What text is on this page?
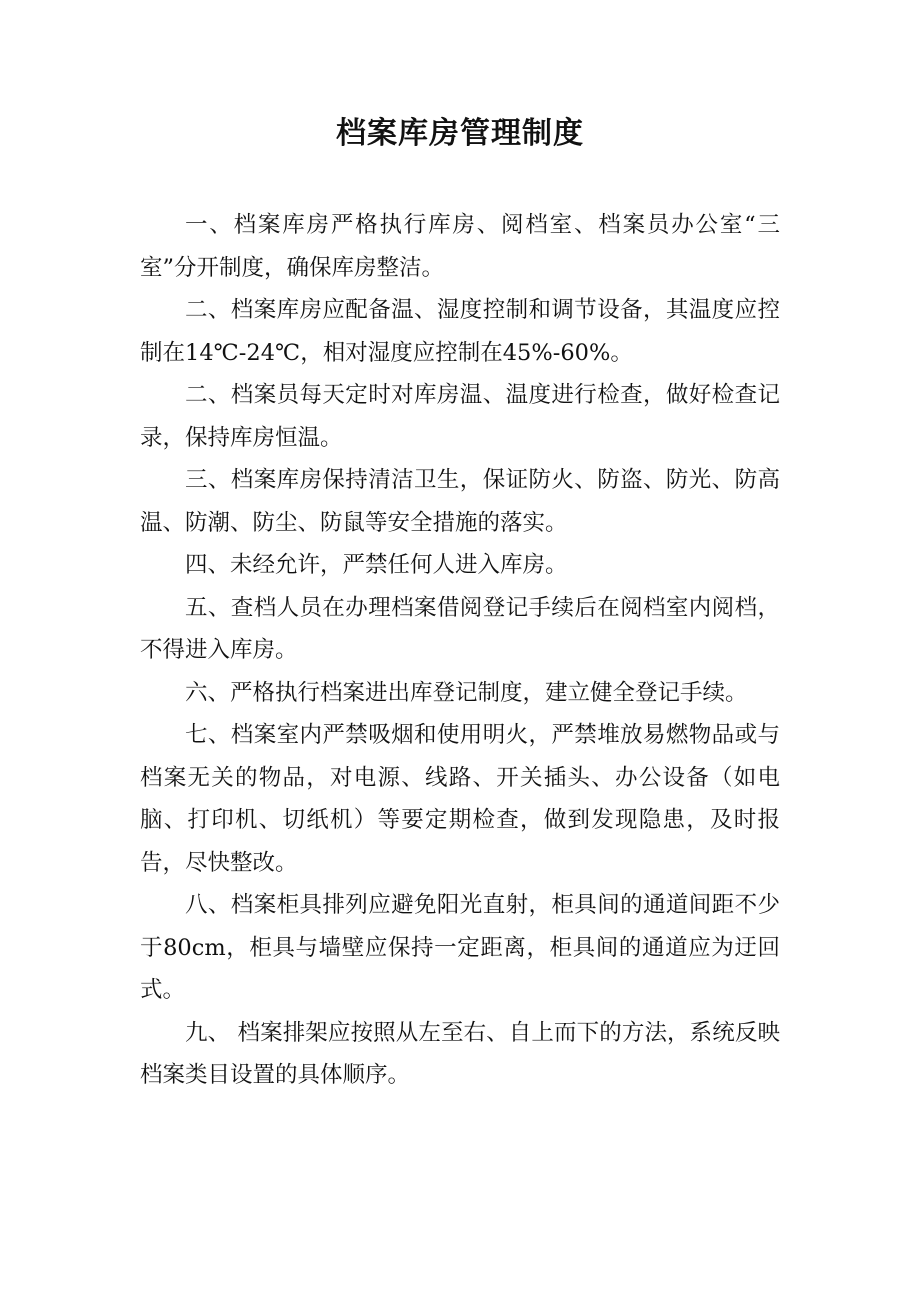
档案库房管理制度

一、档案库房严格执行库房、阅档室、档案员办公室“三室”分开制度，确保库房整洁。

二、档案库房应配备温、湿度控制和调节设备，其温度应控制在14℃-24℃，相对湿度应控制在45%-60%。

二、档案员每天定时对库房温、温度进行检查，做好检查记录，保持库房恒温。

三、档案库房保持清洁卫生，保证防火、防盗、防光、防高温、防潮、防尘、防鼠等安全措施的落实。

四、未经允许，严禁任何人进入库房。

五、查档人员在办理档案借阅登记手续后在阅档室内阅档，不得进入库房。

六、严格执行档案进出库登记制度，建立健全登记手续。

七、档案室内严禁吸烟和使用明火，严禁堆放易燃物品或与档案无关的物品，对电源、线路、开关插头、办公设备（如电脑、打印机、切纸机）等要定期检查，做到发现隐患，及时报告，尽快整改。

八、档案柜具排列应避免阳光直射，柜具间的通道间距不少于80cm，柜具与墙壁应保持一定距离，柜具间的通道应为迂回式。

九、 档案排架应按照从左至右、自上而下的方法，系统反映档案类目设置的具体顺序。
